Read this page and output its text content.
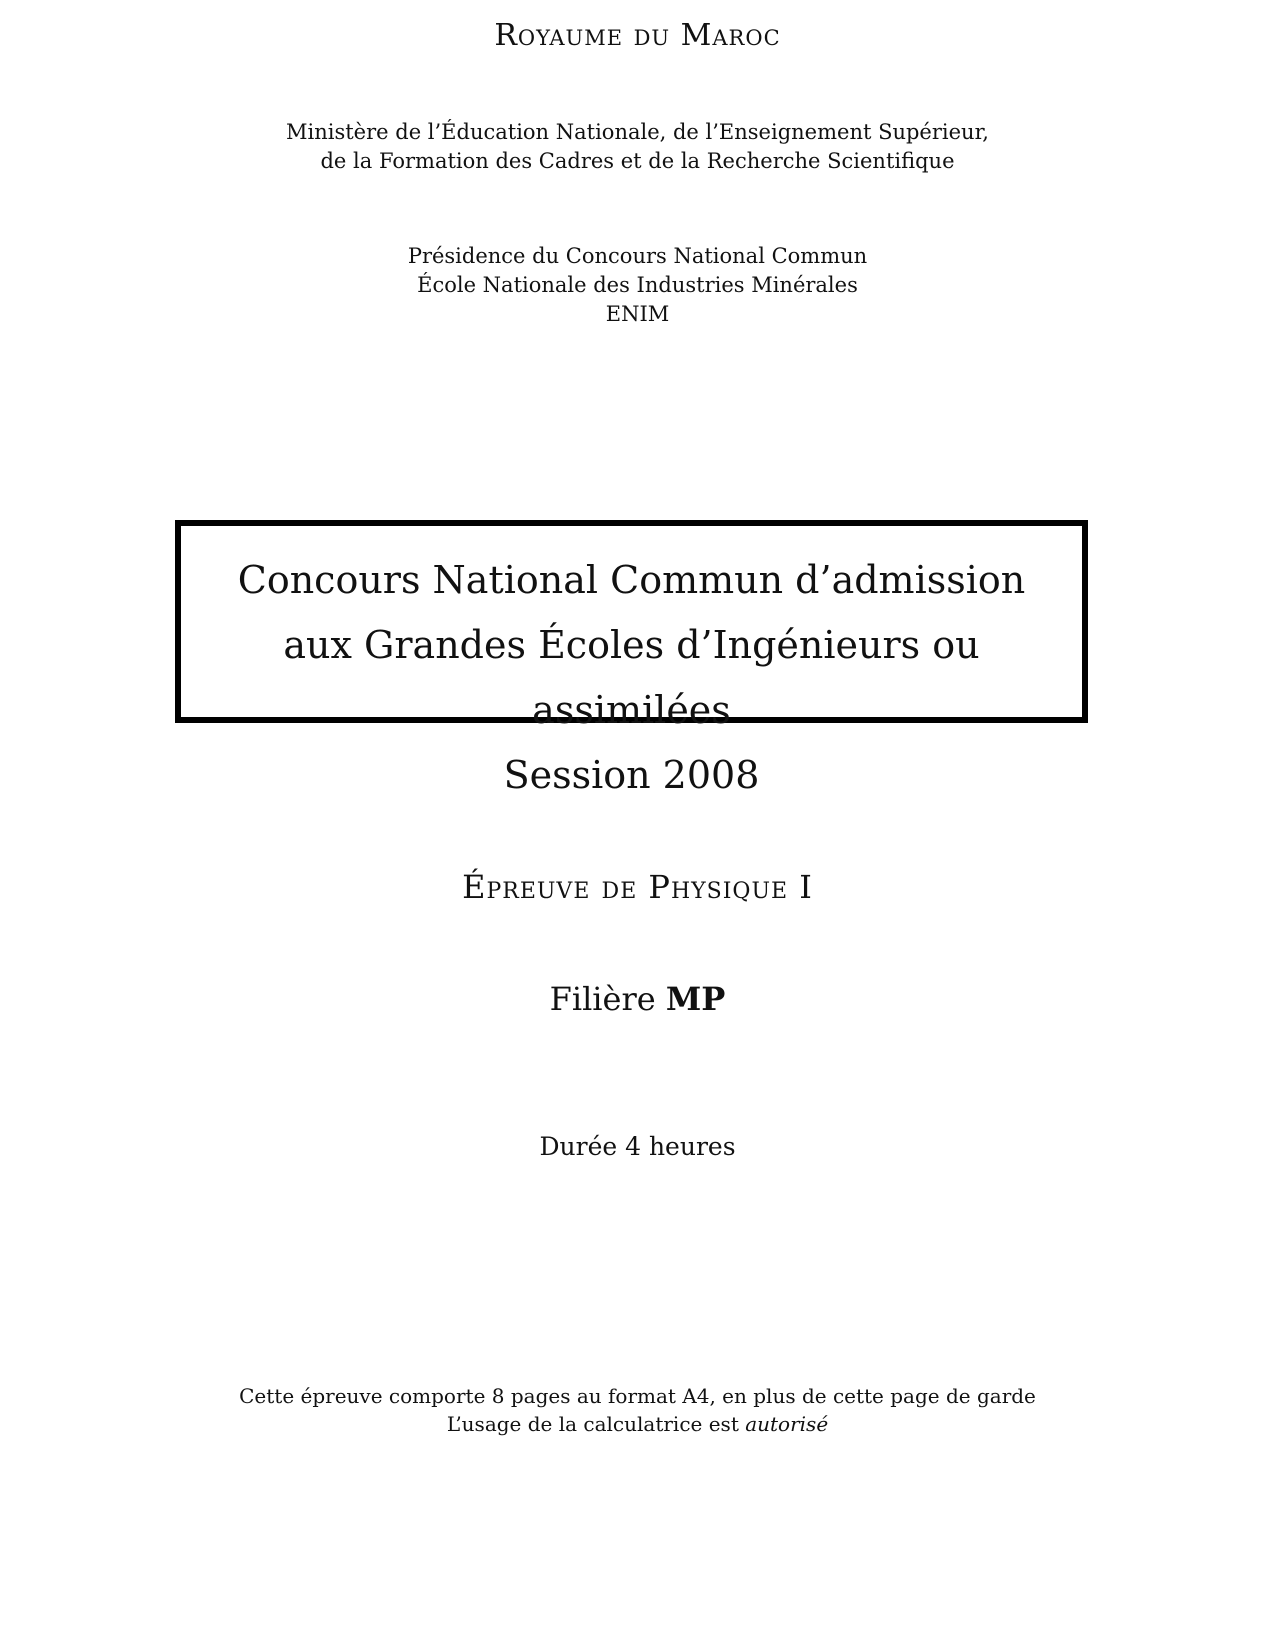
Royaume du Maroc
Ministère de l’Éducation Nationale, de l’Enseignement Supérieur,
de la Formation des Cadres et de la Recherche Scientifique
Présidence du Concours National Commun
École Nationale des Industries Minérales
ENIM
Concours National Commun d’admission
aux Grandes Écoles d’Ingénieurs ou assimilées
Session 2008
Épreuve de Physique I
Filière MP
Durée 4 heures
Cette épreuve comporte 8 pages au format A4, en plus de cette page de garde
L’usage de la calculatrice est autorisé
